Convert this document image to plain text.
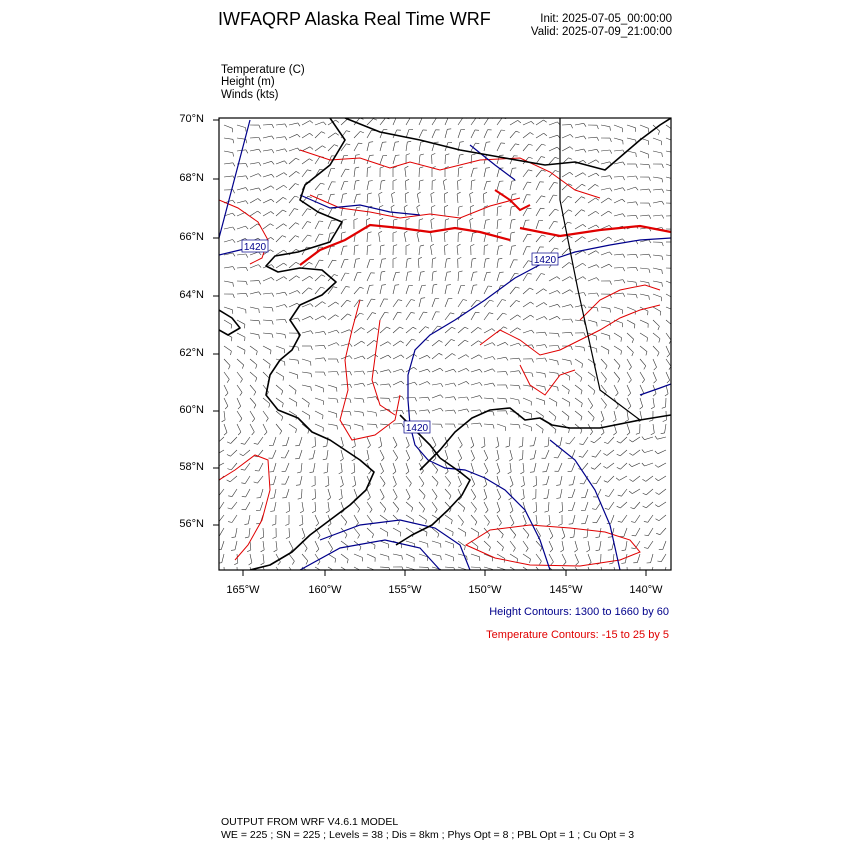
IWFAQRP Alaska Real Time WRF	Init: 2025-07-05_00:00:00
Valid: 2025-07-09_21:00:00
Temperature (C)
Height (m)
Winds (kts)
1420
1420
1420
70°N
68°N
66°N
64°N
62°N
60°N
58°N
56°N
165°W	160°W	155°W	150°W	145°W	140°W
Height Contours: 1300 to 1660 by 60
Temperature Contours: -15 to 25 by 5
OUTPUT FROM WRF V4.6.1 MODEL
WE = 225 ; SN = 225 ; Levels = 38 ; Dis = 8km ; Phys Opt = 8 ; PBL Opt = 1 ; Cu Opt = 3
